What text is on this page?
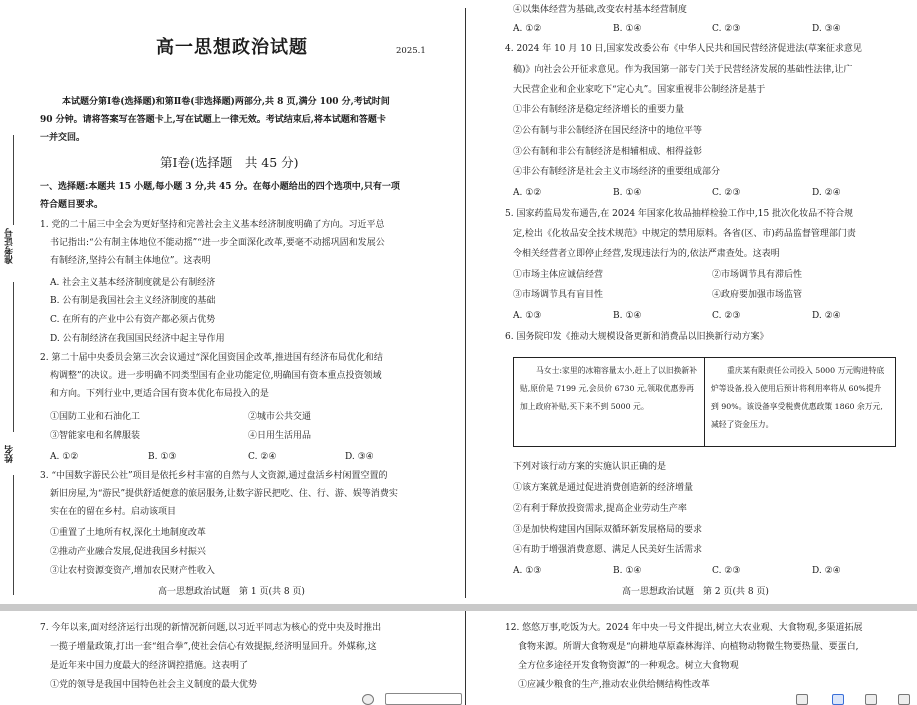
准考证号
姓名
高一思想政治试题	2025.1
本试题分第Ⅰ卷(选择题)和第Ⅱ卷(非选择题)两部分,共 8 页,满分 100 分,考试时间
90 分钟。请将答案写在答题卡上,写在试题上一律无效。考试结束后,将本试题和答题卡
一并交回。
第Ⅰ卷(选择题　共 45 分)
一、选择题:本题共 15 小题,每小题 3 分,共 45 分。在每小题给出的四个选项中,只有一项
符合题目要求。
1. 党的二十届三中全会为更好坚持和完善社会主义基本经济制度明确了方向。习近平总
书记指出:“公有制主体地位不能动摇”“进一步全面深化改革,要毫不动摇巩固和发展公
有制经济,坚持公有制主体地位”。这表明
A. 社会主义基本经济制度就是公有制经济
B. 公有制是我国社会主义经济制度的基础
C. 在所有的产业中公有资产都必须占优势
D. 公有制经济在我国国民经济中起主导作用
2. 第二十届中央委员会第三次会议通过“深化国资国企改革,推进国有经济布局优化和结
构调整”的决议。进一步明确不同类型国有企业功能定位,明确国有资本重点投资领域
和方向。下列行业中,更适合国有资本优化布局投入的是
①国防工业和石油化工	②城市公共交通
③智能家电和名牌服装	④日用生活用品
A. ①②	B. ①③	C. ②④	D. ③④
3. “中国数字游民公社”项目是依托乡村丰富的自然与人文资源,通过盘活乡村闲置空置的
新旧房屋,为“游民”提供舒适便意的旅居服务,让数字游民把吃、住、行、游、娱等消费实
实在在的留在乡村。启动该项目
①重置了土地所有权,深化土地制度改革
②推动产业融合发展,促进我国乡村振兴
③让农村资源变资产,增加农民财产性收入
高一思想政治试题　第 1 页(共 8 页)
④以集体经营为基础,改变农村基本经营制度
A. ①②	B. ①④	C. ②③	D. ③④
4. 2024 年 10 月 10 日,国家发改委公布《中华人民共和国民营经济促进法(草案征求意见
稿)》向社会公开征求意见。作为我国第一部专门关于民营经济发展的基础性法律,让广
大民营企业和企业家吃下“定心丸”。国家重视非公制经济是基于
①非公有制经济是稳定经济增长的重要力量
②公有制与非公制经济在国民经济中的地位平等
③公有制和非公有制经济是相辅相成、相得益彰
④非公有制经济是社会主义市场经济的重要组成部分
A. ①②	B. ①④	C. ②③	D. ②④
5. 国家药监局发布通告,在 2024 年国家化妆品抽样检验工作中,15 批次化妆品不符合规
定,检出《化妆品安全技术规范》中规定的禁用原料。各省(区、市)药品监督管理部门责
令相关经营者立即停止经营,发现违法行为的,依法严肃查处。这表明
①市场主体应诚信经营	②市场调节具有滞后性
③市场调节具有盲目性	④政府要加强市场监管
A. ①③	B. ①④	C. ②③	D. ②④
6. 国务院印发《推动大规模设备更新和消费品以旧换新行动方案》
马女士:家里的冰箱容量太小,赶上了以旧换新补贴,原价是 7199 元,会员价 6730 元,领取优惠券再加上政府补贴,买下来不到 5000 元。	重庆某有限责任公司投入 5000 万元购进特底炉等设备,投入使用后预计将利用率将从 60%提升到 90%。该设备享受税费优惠政策 1860 余万元,减轻了资金压力。
下列对该行动方案的实施认识正确的是
①该方案就是通过促进消费创造新的经济增量
②有利于释放投资需求,提高企业劳动生产率
③是加快构建国内国际双循环新发展格局的要求
④有助于增强消费意愿、满足人民美好生活需求
A. ①③	B. ①④	C. ②③	D. ②④
高一思想政治试题　第 2 页(共 8 页)
7. 今年以来,面对经济运行出现的新情况新问题,以习近平同志为核心的党中央及时推出
一揽子增量政策,打出一套“组合拳”,使社会信心有效提振,经济明显回升。外媒称,这
是近年来中国力度最大的经济调控措施。这表明了
①党的领导是我国中国特色社会主义制度的最大优势
12. 悠悠万事,吃饭为大。2024 年中央一号文件提出,树立大农业观、大食物观,多渠道拓展
食物来源。所谓大食物观是“向耕地草原森林海洋、向植物动物微生物要热量、要蛋白,
全方位多途径开发食物资源”的一种观念。树立大食物观
①应减少粮食的生产,推动农业供给侧结构性改革
